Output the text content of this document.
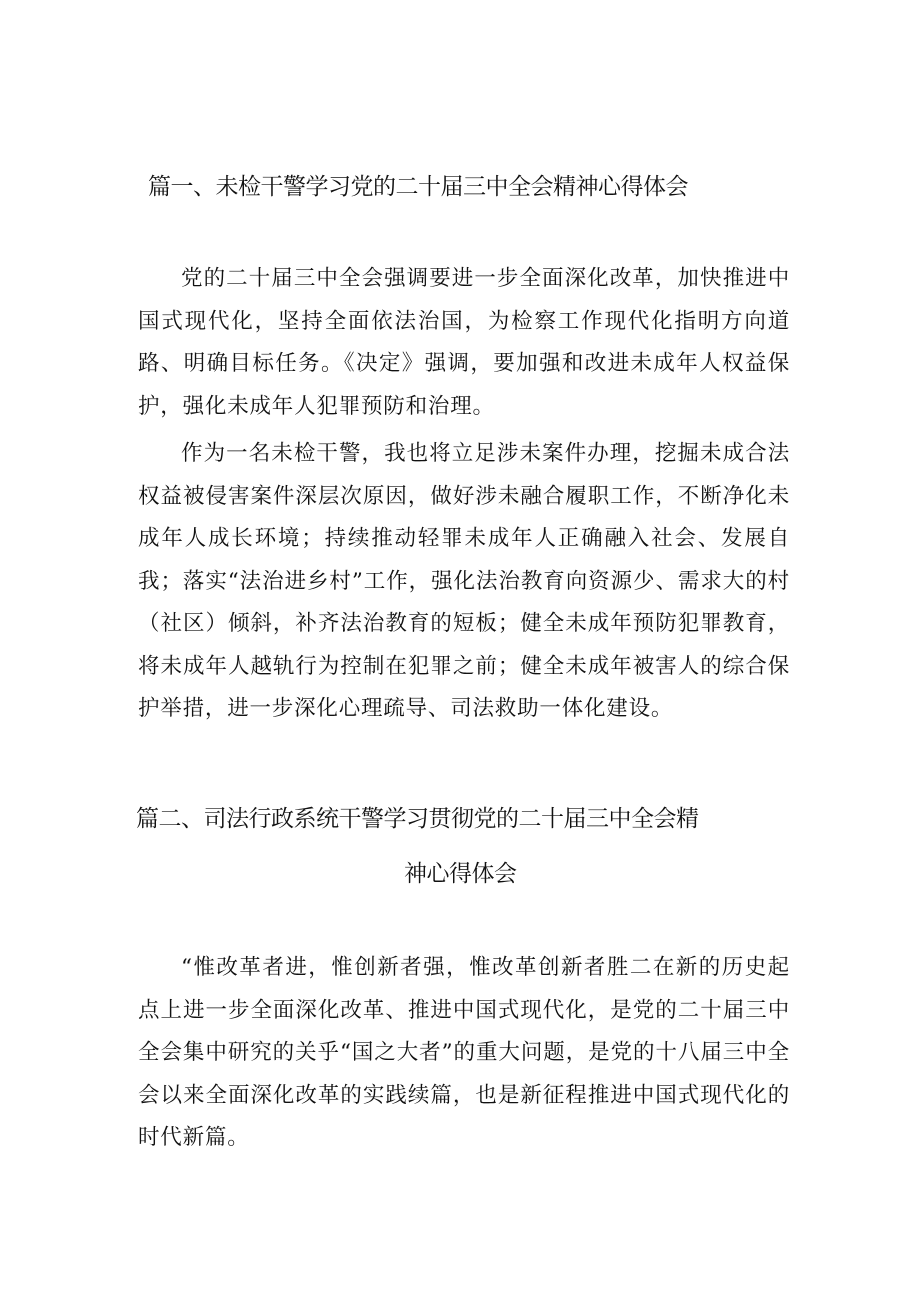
篇一、未检干警学习党的二十届三中全会精神心得体会

党的二十届三中全会强调要进一步全面深化改革，加快推进中国式现代化，坚持全面依法治国，为检察工作现代化指明方向道路、明确目标任务。《决定》强调，要加强和改进未成年人权益保护，强化未成年人犯罪预防和治理。

作为一名未检干警，我也将立足涉未案件办理，挖掘未成合法权益被侵害案件深层次原因，做好涉未融合履职工作，不断净化未成年人成长环境；持续推动轻罪未成年人正确融入社会、发展自我；落实“法治进乡村”工作，强化法治教育向资源少、需求大的村（社区）倾斜，补齐法治教育的短板；健全未成年预防犯罪教育，将未成年人越轨行为控制在犯罪之前；健全未成年被害人的综合保护举措，进一步深化心理疏导、司法救助一体化建设。

篇二、司法行政系统干警学习贯彻党的二十届三中全会精
神心得体会

“惟改革者进，惟创新者强，惟改革创新者胜二在新的历史起点上进一步全面深化改革、推进中国式现代化，是党的二十届三中全会集中研究的关乎“国之大者”的重大问题，是党的十八届三中全会以来全面深化改革的实践续篇，也是新征程推进中国式现代化的时代新篇。
